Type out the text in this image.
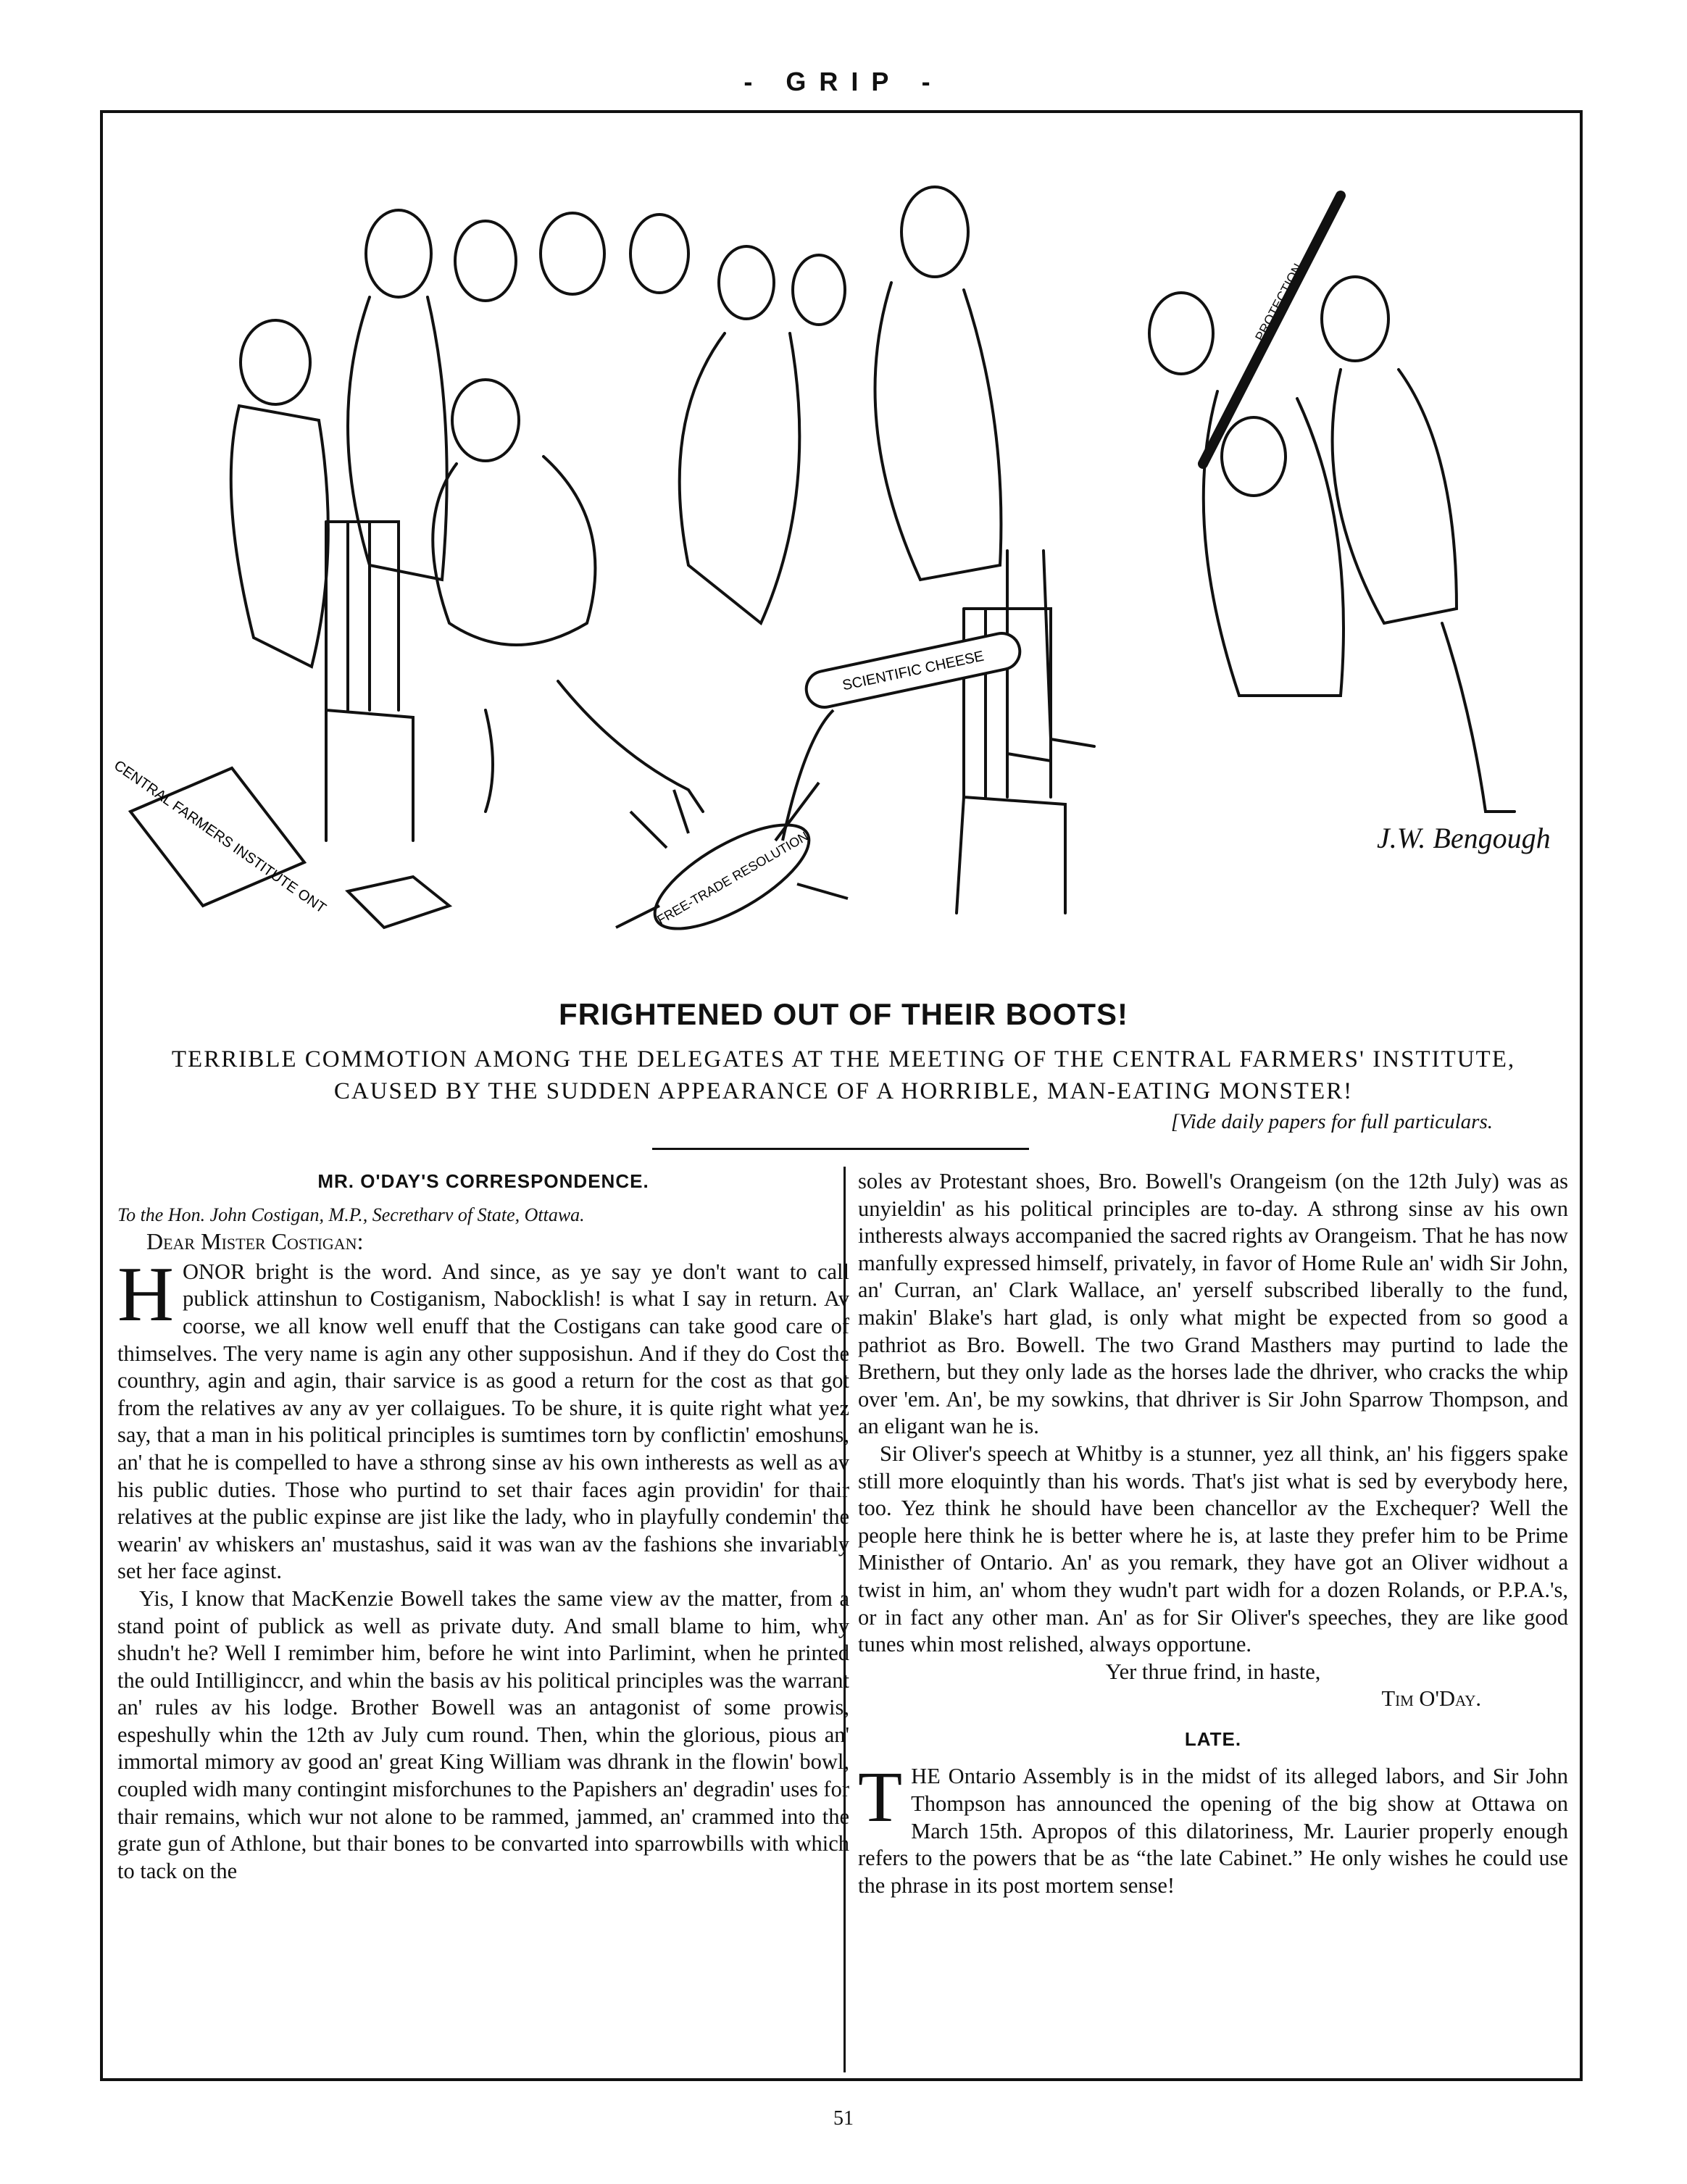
- GRIP -
SCIENTIFIC CHEESE
CENTRAL FARMERS INSTITUTE ONT	FREE-TRADE RESOLUTION
PROTECTION
J.W. Bengough
FRIGHTENED OUT OF THEIR BOOTS!
TERRIBLE COMMOTION AMONG THE DELEGATES AT THE MEETING OF THE CENTRAL FARMERS' INSTITUTE, CAUSED BY THE SUDDEN APPEARANCE OF A HORRIBLE, MAN-EATING MONSTER!
[Vide daily papers for full particulars.
MR. O'DAY'S CORRESPONDENCE.

To the Hon. John Costigan, M.P., Secretharv of State, Ottawa.

Dear Mister Costigan:

HONOR bright is the word. And since, as ye say ye don't want to call publick attinshun to Costiganism, Nabocklish! is what I say in return. Av coorse, we all know well enuff that the Costigans can take good care of thimselves. The very name is agin any other supposishun. And if they do Cost the counthry, agin and agin, thair sarvice is as good a return for the cost as that got from the relatives av any av yer collaigues. To be shure, it is quite right what yez say, that a man in his political principles is sumtimes torn by conflictin' emoshuns, an' that he is compelled to have a sthrong sinse av his own intherests as well as av his public duties. Those who purtind to set thair faces agin providin' for thair relatives at the public expinse are jist like the lady, who in playfully condemin' the wearin' av whiskers an' mustashus, said it was wan av the fashions she invariably set her face aginst.

Yis, I know that MacKenzie Bowell takes the same view av the matter, from a stand point of publick as well as private duty. And small blame to him, why shudn't he? Well I remimber him, before he wint into Parlimint, when he printed the ould Intilliginccr, and whin the basis av his political principles was the warrant an' rules av his lodge. Brother Bowell was an antagonist of some prowis, espeshully whin the 12th av July cum round. Then, whin the glorious, pious an' immortal mimory av good an' great King William was dhrank in the flowin' bowl, coupled widh many contingint misforchunes to the Papishers an' degradin' uses for thair remains, which wur not alone to be rammed, jammed, an' crammed into the grate gun of Athlone, but thair bones to be convarted into sparrowbills with which to tack on the

soles av Protestant shoes, Bro. Bowell's Orangeism (on the 12th July) was as unyieldin' as his political principles are to-day. A sthrong sinse av his own intherests always accompanied the sacred rights av Orangeism. That he has now manfully expressed himself, privately, in favor of Home Rule an' widh Sir John, an' Curran, an' Clark Wallace, an' yerself subscribed liberally to the fund, makin' Blake's hart glad, is only what might be expected from so good a pathriot as Bro. Bowell. The two Grand Masthers may purtind to lade the Brethern, but they only lade as the horses lade the dhriver, who cracks the whip over 'em. An', be my sowkins, that dhriver is Sir John Sparrow Thompson, and an eligant wan he is.

Sir Oliver's speech at Whitby is a stunner, yez all think, an' his figgers spake still more eloquintly than his words. That's jist what is sed by everybody here, too. Yez think he should have been chancellor av the Exchequer? Well the people here think he is better where he is, at laste they prefer him to be Prime Ministher of Ontario. An' as you remark, they have got an Oliver widhout a twist in him, an' whom they wudn't part widh for a dozen Rolands, or P.P.A.'s, or in fact any other man. An' as for Sir Oliver's speeches, they are like good tunes whin most relished, always opportune.

Yer thrue frind, in haste,

Tim O'Day.

LATE.

THE Ontario Assembly is in the midst of its alleged labors, and Sir John Thompson has announced the opening of the big show at Ottawa on March 15th. Apropos of this dilatoriness, Mr. Laurier properly enough refers to the powers that be as “the late Cabinet.” He only wishes he could use the phrase in its post mortem sense!

51
